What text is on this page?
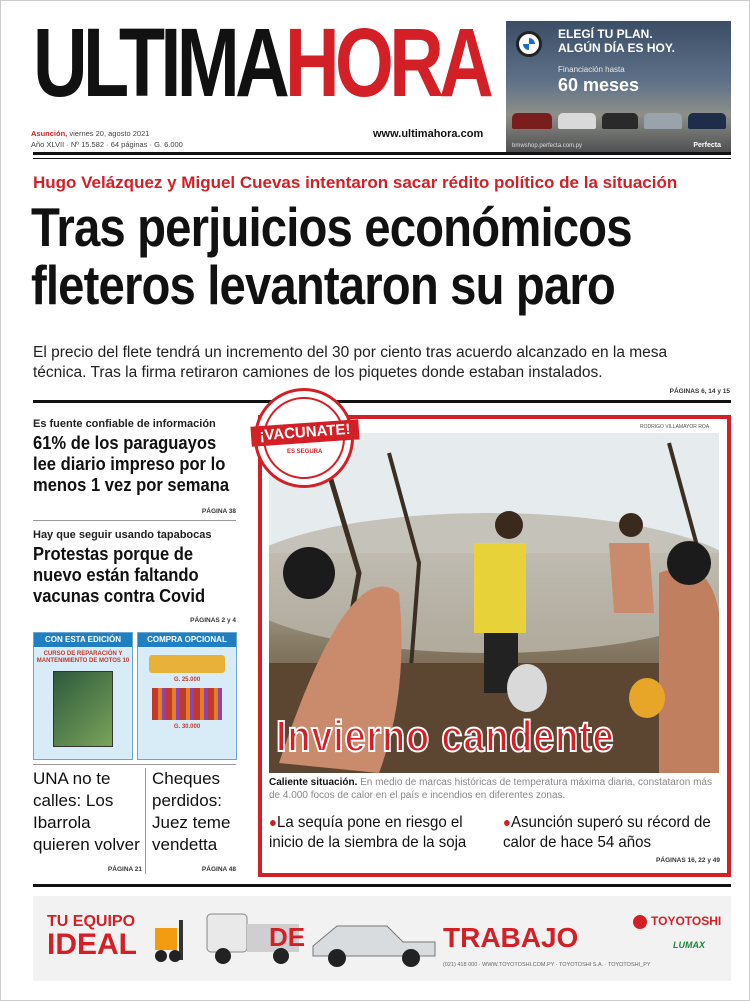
ULTIMAHORA
Asunción, viernes 20, agosto 2021
Año XLVII · Nº 15.582 · 64 páginas · G. 6.000
www.ultimahora.com
ELEGÍ TU PLAN.
ALGÚN DÍA ES HOY.
Financiación hasta
60 meses
bmwshop.perfecta.com.py	Perfecta
Hugo Velázquez y Miguel Cuevas intentaron sacar rédito político de la situación
Tras perjuicios económicos
fleteros levantaron su paro
El precio del flete tendrá un incremento del 30 por ciento tras acuerdo alcanzado en la mesa técnica. Tras la firma retiraron camiones de los piquetes donde estaban instalados.
PÁGINAS 6, 14 y 15
Es fuente confiable de información
61% de los paraguayos lee diario impreso por lo menos 1 vez por semana
PÁGINA 38
Hay que seguir usando tapabocas
Protestas porque de nuevo están faltando vacunas contra Covid
PÁGINAS 2 y 4
CON ESTA EDICIÓN
CURSO DE REPARACIÓN Y MANTENIMIENTO DE MOTOS 10
COMPRA OPCIONAL
G. 25.000
G. 30.000
UNA no te calles: Los Ibarrola quieren volver
PÁGINA 21
Cheques perdidos: Juez teme vendetta
PÁGINA 48
RODRIGO VILLAMAYOR ROA
¡VACUNATE!
ES SEGURA
Invierno candente
Caliente situación. En medio de marcas históricas de temperatura máxima diaria, constataron más de 4.000 focos de calor en el país e incendios en diferentes zonas.
●La sequía pone en riesgo el inicio de la siembra de la soja
●Asunción superó su récord de calor de hace 54 años
PÁGINAS 16, 22 y 49
TU EQUIPO
IDEAL	DE	TRABAJO
TOYOTOSHI
LUMAX
(021) 418 000 · WWW.TOYOTOSHI.COM.PY · TOYOTOSHI S.A. · TOYOTOSHI_PY
